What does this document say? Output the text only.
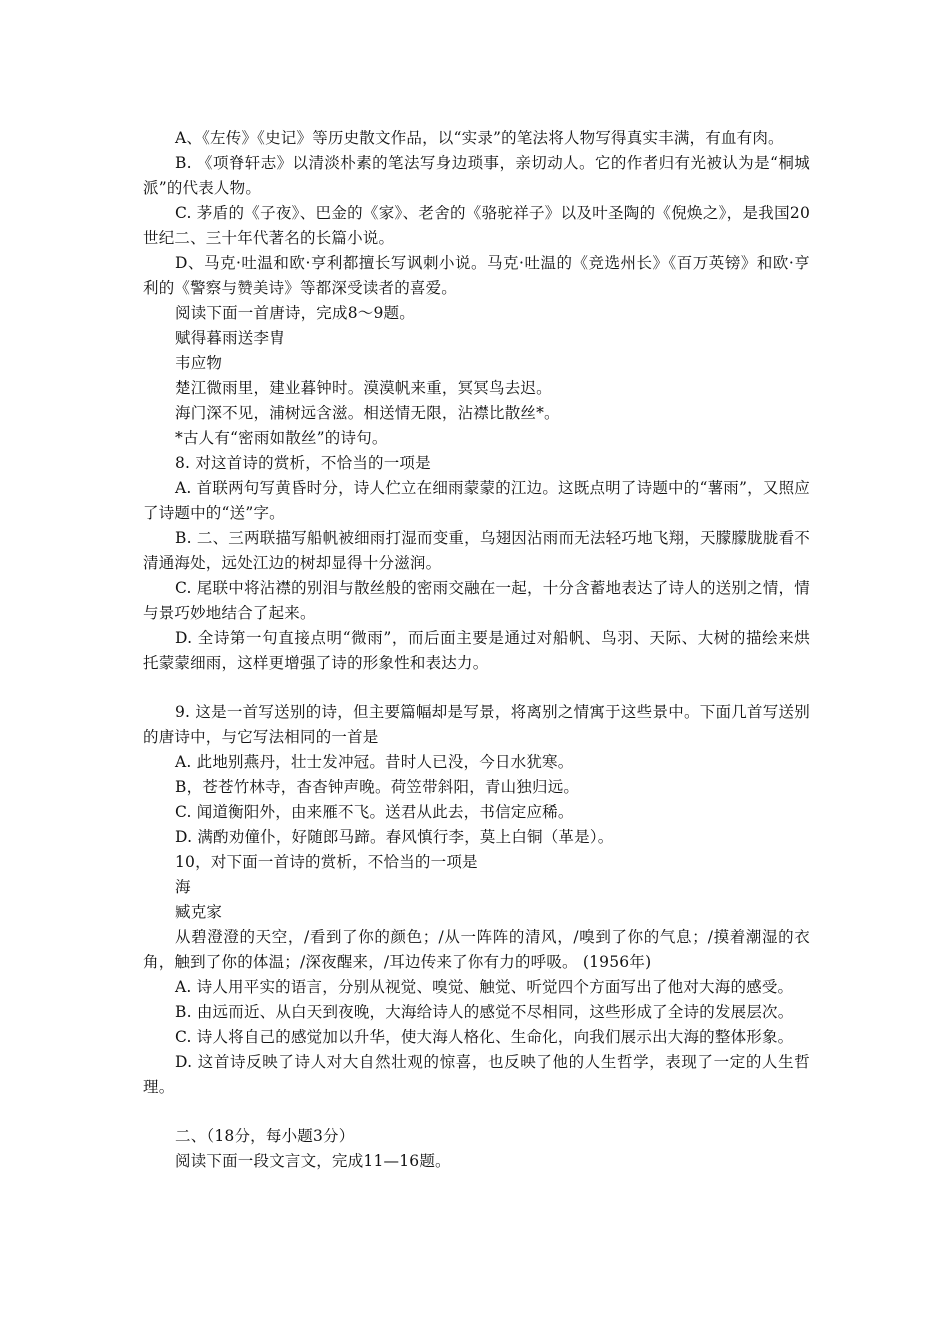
A、《左传》《史记》等历史散文作品，以“实录”的笔法将人物写得真实丰满，有血有肉。
B. 《项脊轩志》以清淡朴素的笔法写身边琐事，亲切动人。它的作者归有光被认为是“桐城派”的代表人物。
C. 茅盾的《子夜》、巴金的《家》、老舍的《骆驼祥子》以及叶圣陶的《倪焕之》，是我国20世纪二、三十年代著名的长篇小说。
D、马克·吐温和欧·亨利都擅长写讽刺小说。马克·吐温的《竞选州长》《百万英镑》和欧·亨利的《警察与赞美诗》等都深受读者的喜爱。
阅读下面一首唐诗，完成8～9题。
赋得暮雨送李胄
韦应物
楚江微雨里，建业暮钟时。漠漠帆来重，冥冥鸟去迟。
海门深不见，浦树远含滋。相送情无限，沾襟比散丝*。
*古人有“密雨如散丝”的诗句。
8. 对这首诗的赏析，不恰当的一项是
A. 首联两句写黄昏时分，诗人伫立在细雨蒙蒙的江边。这既点明了诗题中的“薯雨”，又照应了诗题中的“送”字。
B. 二、三两联描写船帆被细雨打湿而变重，乌翅因沾雨而无法轻巧地飞翔，天朦朦胧胧看不清通海处，远处江边的树却显得十分滋润。
C. 尾联中将沾襟的别泪与散丝般的密雨交融在一起，十分含蓄地表达了诗人的送别之情，情与景巧妙地结合了起来。
D. 全诗第一句直接点明“微雨”，而后面主要是通过对船帆、鸟羽、天际、大树的描绘来烘托蒙蒙细雨，这样更增强了诗的形象性和表达力。
9. 这是一首写送别的诗，但主要篇幅却是写景，将离别之情寓于这些景中。下面几首写送别的唐诗中，与它写法相同的一首是
A. 此地别燕丹，壮士发冲冠。昔时人已没，今日水犹寒。
B，苍苍竹林寺，杳杳钟声晚。荷笠带斜阳，青山独归远。
C. 闻道衡阳外，由来雁不飞。送君从此去，书信定应稀。
D. 满酌劝僮仆，好随郎马蹄。春风慎行李，莫上白铜（革是）。
10，对下面一首诗的赏析，不恰当的一项是
海
臧克家
从碧澄澄的天空，/看到了你的颜色；/从一阵阵的清风，/嗅到了你的气息；/摸着潮湿的衣角，触到了你的体温；/深夜醒来，/耳边传来了你有力的呼吸。 (1956年)
A. 诗人用平实的语言，分别从视觉、嗅觉、触觉、听觉四个方面写出了他对大海的感受。
B. 由远而近、从白天到夜晚，大海给诗人的感觉不尽相同，这些形成了全诗的发展层次。
C. 诗人将自己的感觉加以升华，使大海人格化、生命化，向我们展示出大海的整体形象。
D. 这首诗反映了诗人对大自然壮观的惊喜，也反映了他的人生哲学，表现了一定的人生哲理。
二、（18分，每小题3分）
阅读下面一段文言文，完成11—16题。
